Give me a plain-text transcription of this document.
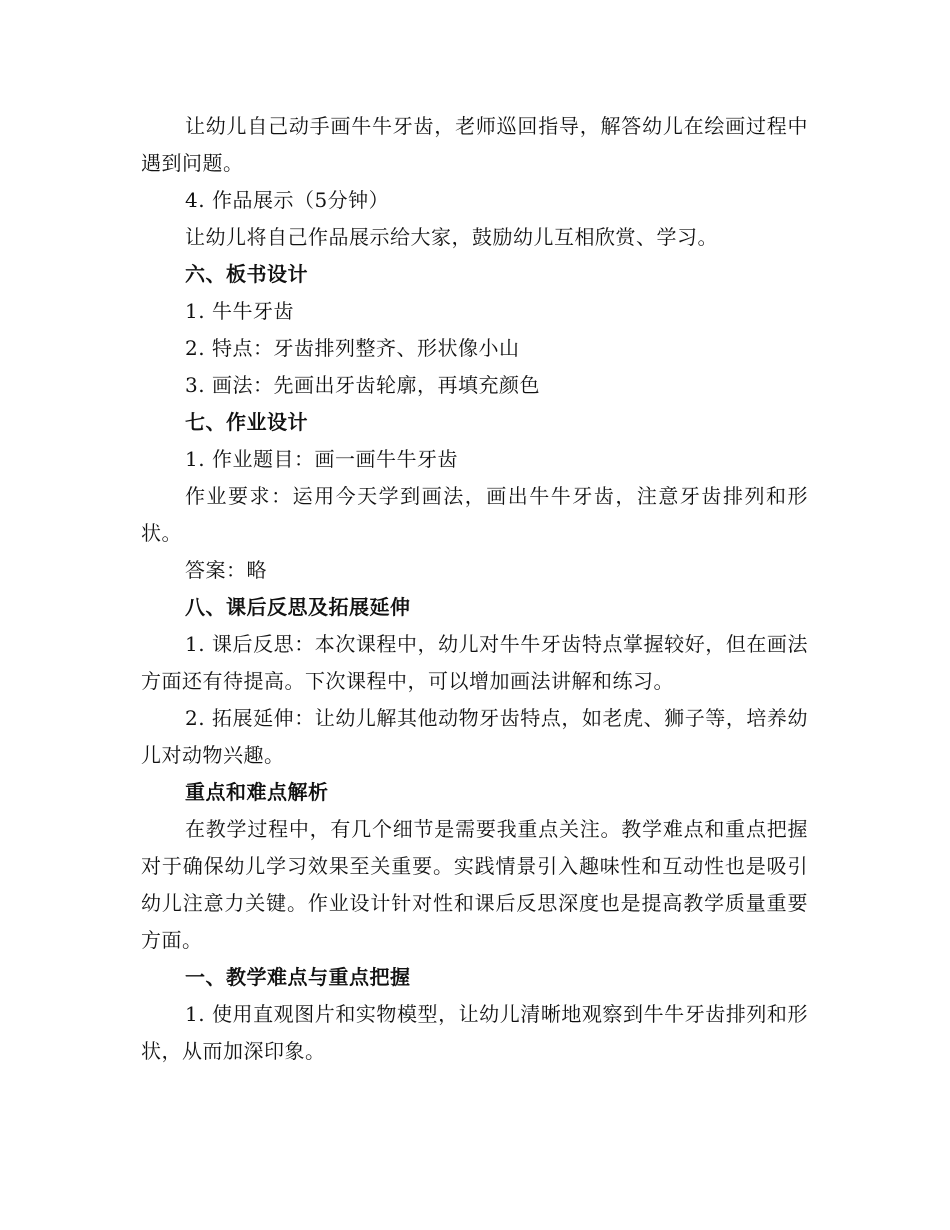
让幼儿自己动手画牛牛牙齿，老师巡回指导，解答幼儿在绘画过程中遇到问题。

4. 作品展示（5分钟）

让幼儿将自己作品展示给大家，鼓励幼儿互相欣赏、学习。

六、板书设计

1. 牛牛牙齿

2. 特点：牙齿排列整齐、形状像小山

3. 画法：先画出牙齿轮廓，再填充颜色

七、作业设计

1. 作业题目：画一画牛牛牙齿

作业要求：运用今天学到画法，画出牛牛牙齿，注意牙齿排列和形状。

答案：略

八、课后反思及拓展延伸

1. 课后反思：本次课程中，幼儿对牛牛牙齿特点掌握较好，但在画法方面还有待提高。下次课程中，可以增加画法讲解和练习。

2. 拓展延伸：让幼儿解其他动物牙齿特点，如老虎、狮子等，培养幼儿对动物兴趣。

重点和难点解析

在教学过程中，有几个细节是需要我重点关注。教学难点和重点把握对于确保幼儿学习效果至关重要。实践情景引入趣味性和互动性也是吸引幼儿注意力关键。作业设计针对性和课后反思深度也是提高教学质量重要方面。

一、教学难点与重点把握

1. 使用直观图片和实物模型，让幼儿清晰地观察到牛牛牙齿排列和形状，从而加深印象。
